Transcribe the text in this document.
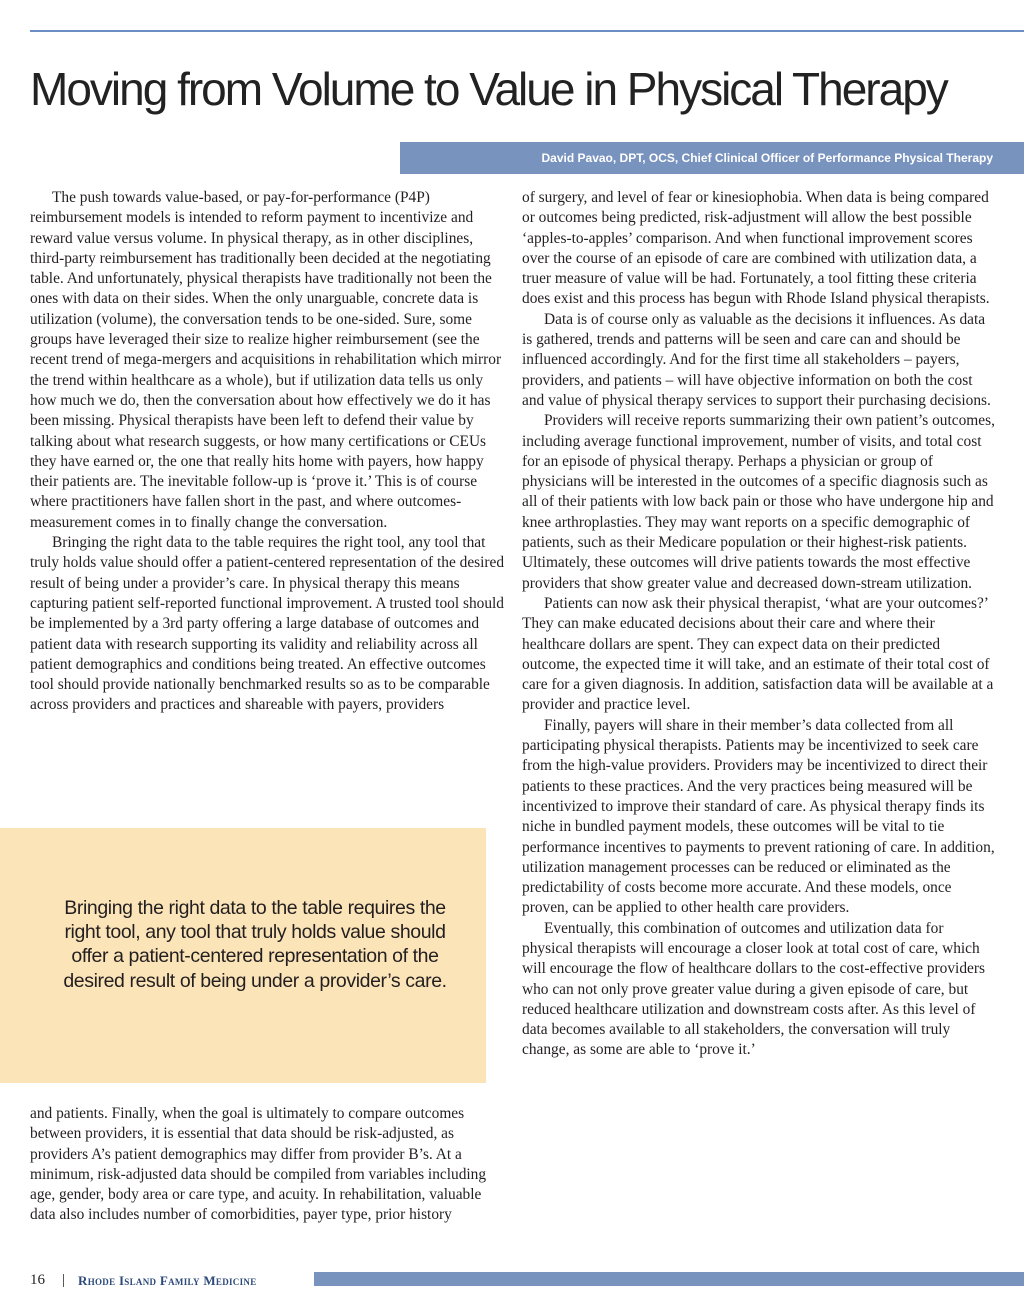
Moving from Volume to Value in Physical Therapy
David Pavao, DPT, OCS, Chief Clinical Officer of Performance Physical Therapy

The push towards value-based, or pay-for-performance (P4P) reimbursement models is intended to reform payment to incentivize and reward value versus volume. In physical therapy, as in other disciplines, third-party reimbursement has traditionally been decided at the negotiating table. And unfortunately, physical therapists have traditionally not been the ones with data on their sides. When the only unarguable, concrete data is utilization (volume), the conversation tends to be one-sided. Sure, some groups have leveraged their size to realize higher reimbursement (see the recent trend of mega-mergers and acquisitions in rehabilitation which mirror the trend within healthcare as a whole), but if utilization data tells us only how much we do, then the conversation about how effectively we do it has been missing. Physical therapists have been left to defend their value by talking about what research suggests, or how many certifications or CEUs they have earned or, the one that really hits home with payers, how happy their patients are. The inevitable follow-up is ‘prove it.’ This is of course where practitioners have fallen short in the past, and where outcomes-measurement comes in to finally change the conversation.

Bringing the right data to the table requires the right tool, any tool that truly holds value should offer a patient-centered representation of the desired result of being under a provider’s care. In physical therapy this means capturing patient self-reported functional improvement. A trusted tool should be implemented by a 3rd party offering a large database of outcomes and patient data with research supporting its validity and reliability across all patient demographics and conditions being treated. An effective outcomes tool should provide nationally benchmarked results so as to be comparable across providers and practices and shareable with payers, providers

Bringing the right data to the table requires the right tool, any tool that truly holds value should offer a patient-centered representation of the desired result of being under a provider’s care.

and patients. Finally, when the goal is ultimately to compare outcomes between providers, it is essential that data should be risk-adjusted, as providers A’s patient demographics may differ from provider B’s. At a minimum, risk-adjusted data should be compiled from variables including age, gender, body area or care type, and acuity. In rehabilitation, valuable data also includes number of comorbidities, payer type, prior history

of surgery, and level of fear or kinesiophobia. When data is being compared or outcomes being predicted, risk-adjustment will allow the best possible ‘apples-to-apples’ comparison. And when functional improvement scores over the course of an episode of care are combined with utilization data, a truer measure of value will be had. Fortunately, a tool fitting these criteria does exist and this process has begun with Rhode Island physical therapists.

Data is of course only as valuable as the decisions it influences. As data is gathered, trends and patterns will be seen and care can and should be influenced accordingly. And for the first time all stakeholders – payers, providers, and patients – will have objective information on both the cost and value of physical therapy services to support their purchasing decisions.

Providers will receive reports summarizing their own patient’s outcomes, including average functional improvement, number of visits, and total cost for an episode of physical therapy. Perhaps a physician or group of physicians will be interested in the outcomes of a specific diagnosis such as all of their patients with low back pain or those who have undergone hip and knee arthroplasties. They may want reports on a specific demographic of patients, such as their Medicare population or their highest-risk patients. Ultimately, these outcomes will drive patients towards the most effective providers that show greater value and decreased down-stream utilization.

Patients can now ask their physical therapist, ‘what are your outcomes?’ They can make educated decisions about their care and where their healthcare dollars are spent. They can expect data on their predicted outcome, the expected time it will take, and an estimate of their total cost of care for a given diagnosis. In addition, satisfaction data will be available at a provider and practice level.

Finally, payers will share in their member’s data collected from all participating physical therapists. Patients may be incentivized to seek care from the high-value providers. Providers may be incentivized to direct their patients to these practices. And the very practices being measured will be incentivized to improve their standard of care. As physical therapy finds its niche in bundled payment models, these outcomes will be vital to tie performance incentives to payments to prevent rationing of care. In addition, utilization management processes can be reduced or eliminated as the predictability of costs become more accurate. And these models, once proven, can be applied to other health care providers.

Eventually, this combination of outcomes and utilization data for physical therapists will encourage a closer look at total cost of care, which will encourage the flow of healthcare dollars to the cost-effective providers who can not only prove greater value during a given episode of care, but reduced healthcare utilization and downstream costs after. As this level of data becomes available to all stakeholders, the conversation will truly change, as some are able to ‘prove it.’

16 | Rhode Island Family Medicine
